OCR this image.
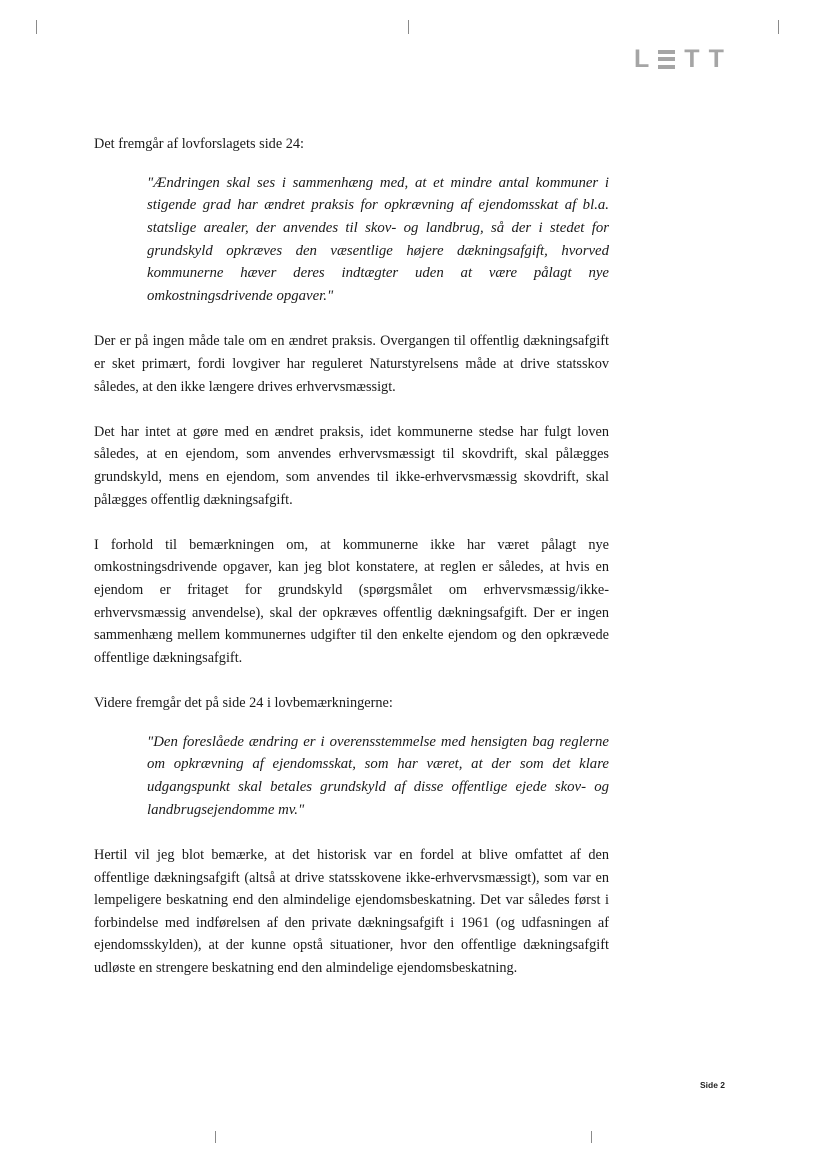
L T T

Det fremgår af lovforslagets side 24:

"Ændringen skal ses i sammenhæng med, at et mindre antal kommuner i stigende grad har ændret praksis for opkrævning af ejendomsskat af bl.a. statslige arealer, der anvendes til skov- og landbrug, så der i stedet for grundskyld opkræves den væsentlige højere dækningsafgift, hvorved kommunerne hæver deres indtægter uden at være pålagt nye omkostningsdrivende opgaver."

Der er på ingen måde tale om en ændret praksis. Overgangen til offentlig dækningsafgift er sket primært, fordi lovgiver har reguleret Naturstyrelsens måde at drive statsskov således, at den ikke længere drives erhvervsmæssigt.

Det har intet at gøre med en ændret praksis, idet kommunerne stedse har fulgt loven således, at en ejendom, som anvendes erhvervsmæssigt til skovdrift, skal pålægges grundskyld, mens en ejendom, som anvendes til ikke-erhvervsmæssig skovdrift, skal pålægges offentlig dækningsafgift.

I forhold til bemærkningen om, at kommunerne ikke har været pålagt nye omkostningsdrivende opgaver, kan jeg blot konstatere, at reglen er således, at hvis en ejendom er fritaget for grundskyld (spørgsmålet om erhvervsmæssig/ikke-erhvervsmæssig anvendelse), skal der opkræves offentlig dækningsafgift. Der er ingen sammenhæng mellem kommunernes udgifter til den enkelte ejendom og den opkrævede offentlige dækningsafgift.

Videre fremgår det på side 24 i lovbemærkningerne:

"Den foreslåede ændring er i overensstemmelse med hensigten bag reglerne om opkrævning af ejendomsskat, som har været, at der som det klare udgangspunkt skal betales grundskyld af disse offentlige ejede skov- og landbrugsejendomme mv."

Hertil vil jeg blot bemærke, at det historisk var en fordel at blive omfattet af den offentlige dækningsafgift (altså at drive statsskovene ikke-erhvervsmæssigt), som var en lempeligere beskatning end den almindelige ejendomsbeskatning. Det var således først i forbindelse med indførelsen af den private dækningsafgift i 1961 (og udfasningen af ejendomsskylden), at der kunne opstå situationer, hvor den offentlige dækningsafgift udløste en strengere beskatning end den almindelige ejendomsbeskatning.

Side 2
